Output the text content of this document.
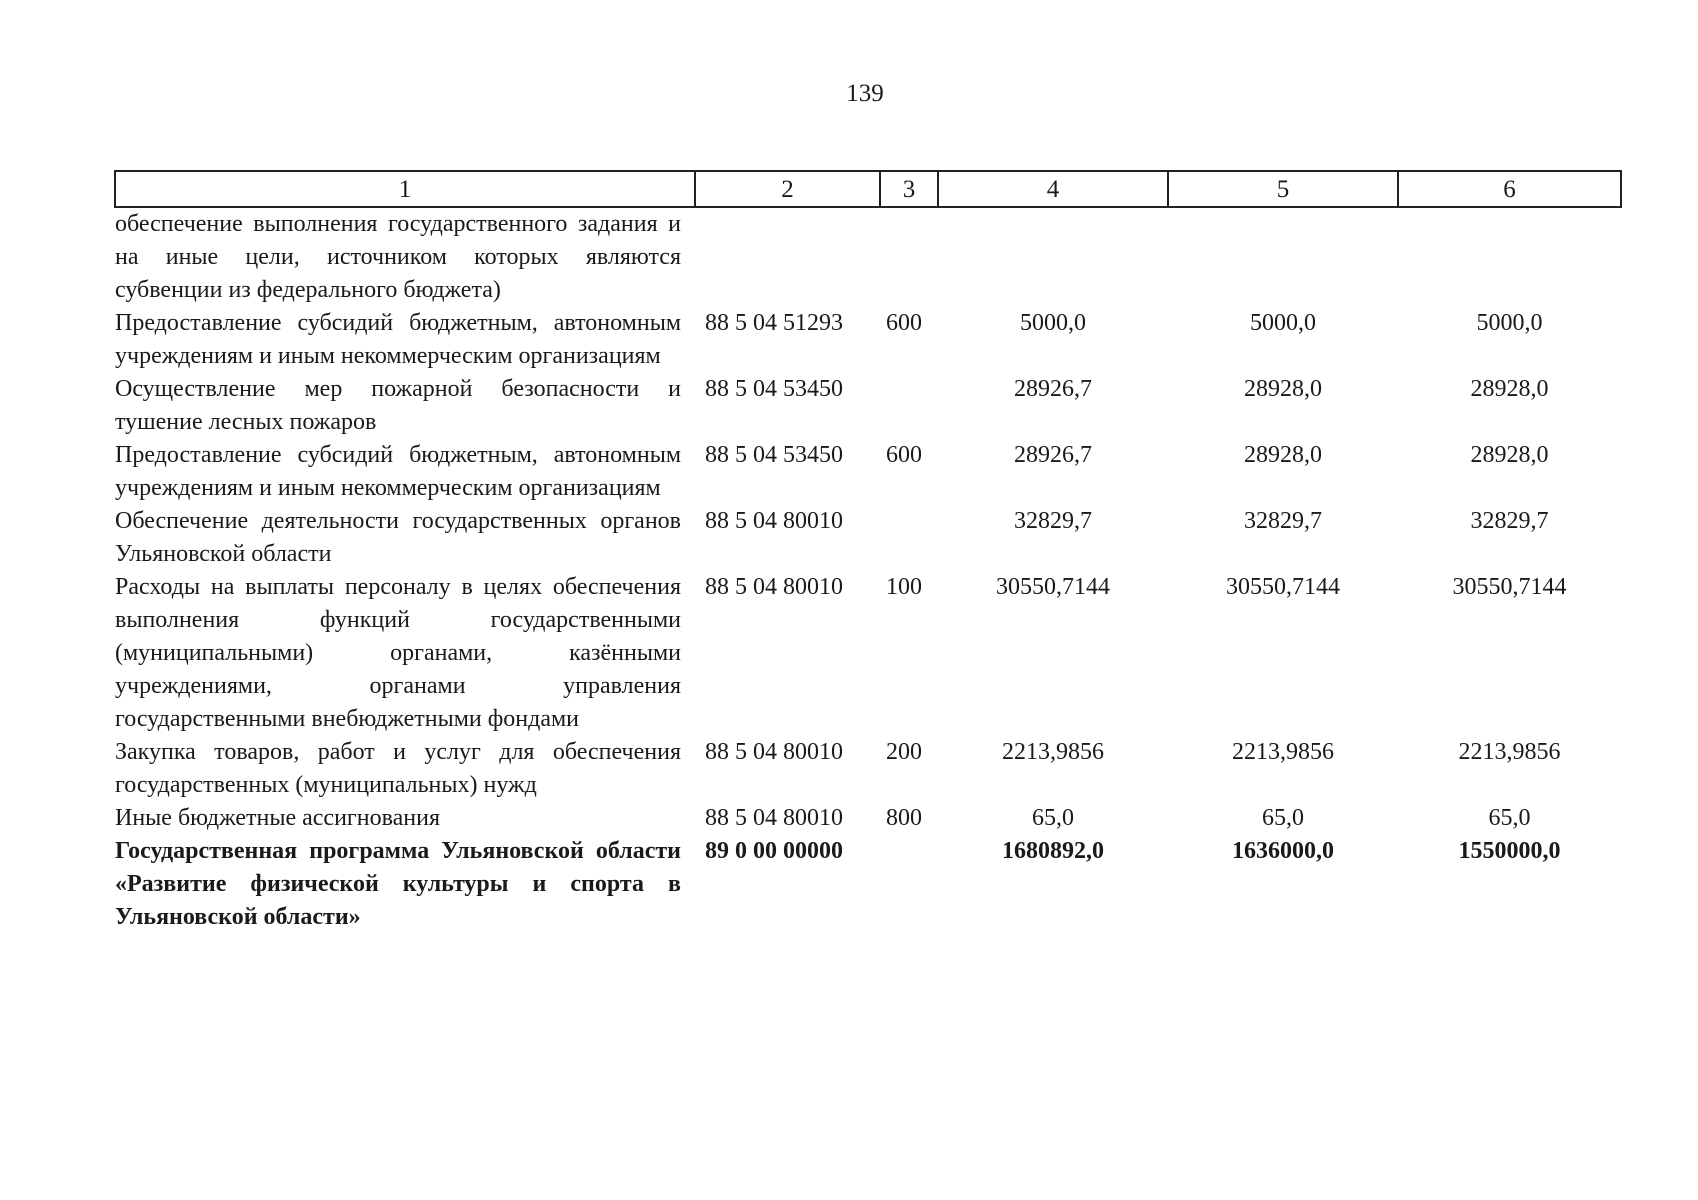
139
1	2	3	4	5	6
обеспечение выполнения государственного задания и на иные цели, источником которых являются субвенции из федерального бюджета)					
Предоставление субсидий бюджетным, автономным учреждениям и иным некоммерческим организациям	88 5 04 51293	600	5000,0	5000,0	5000,0
Осуществление мер пожарной безопасности и тушение лесных пожаров	88 5 04 53450		28926,7	28928,0	28928,0
Предоставление субсидий бюджетным, автономным учреждениям и иным некоммерческим организациям	88 5 04 53450	600	28926,7	28928,0	28928,0
Обеспечение деятельности государственных органов Ульяновской области	88 5 04 80010		32829,7	32829,7	32829,7
Расходы на выплаты персоналу в целях обеспечения выполнения функций государственными (муниципальными) органами, казёнными учреждениями, органами управления государственными внебюджетными фондами	88 5 04 80010	100	30550,7144	30550,7144	30550,7144
Закупка товаров, работ и услуг для обеспечения государственных (муниципальных) нужд	88 5 04 80010	200	2213,9856	2213,9856	2213,9856
Иные бюджетные ассигнования	88 5 04 80010	800	65,0	65,0	65,0
Государственная программа Ульяновской области «Развитие физической культуры и спорта в Ульяновской области»	89 0 00 00000		1680892,0	1636000,0	1550000,0
